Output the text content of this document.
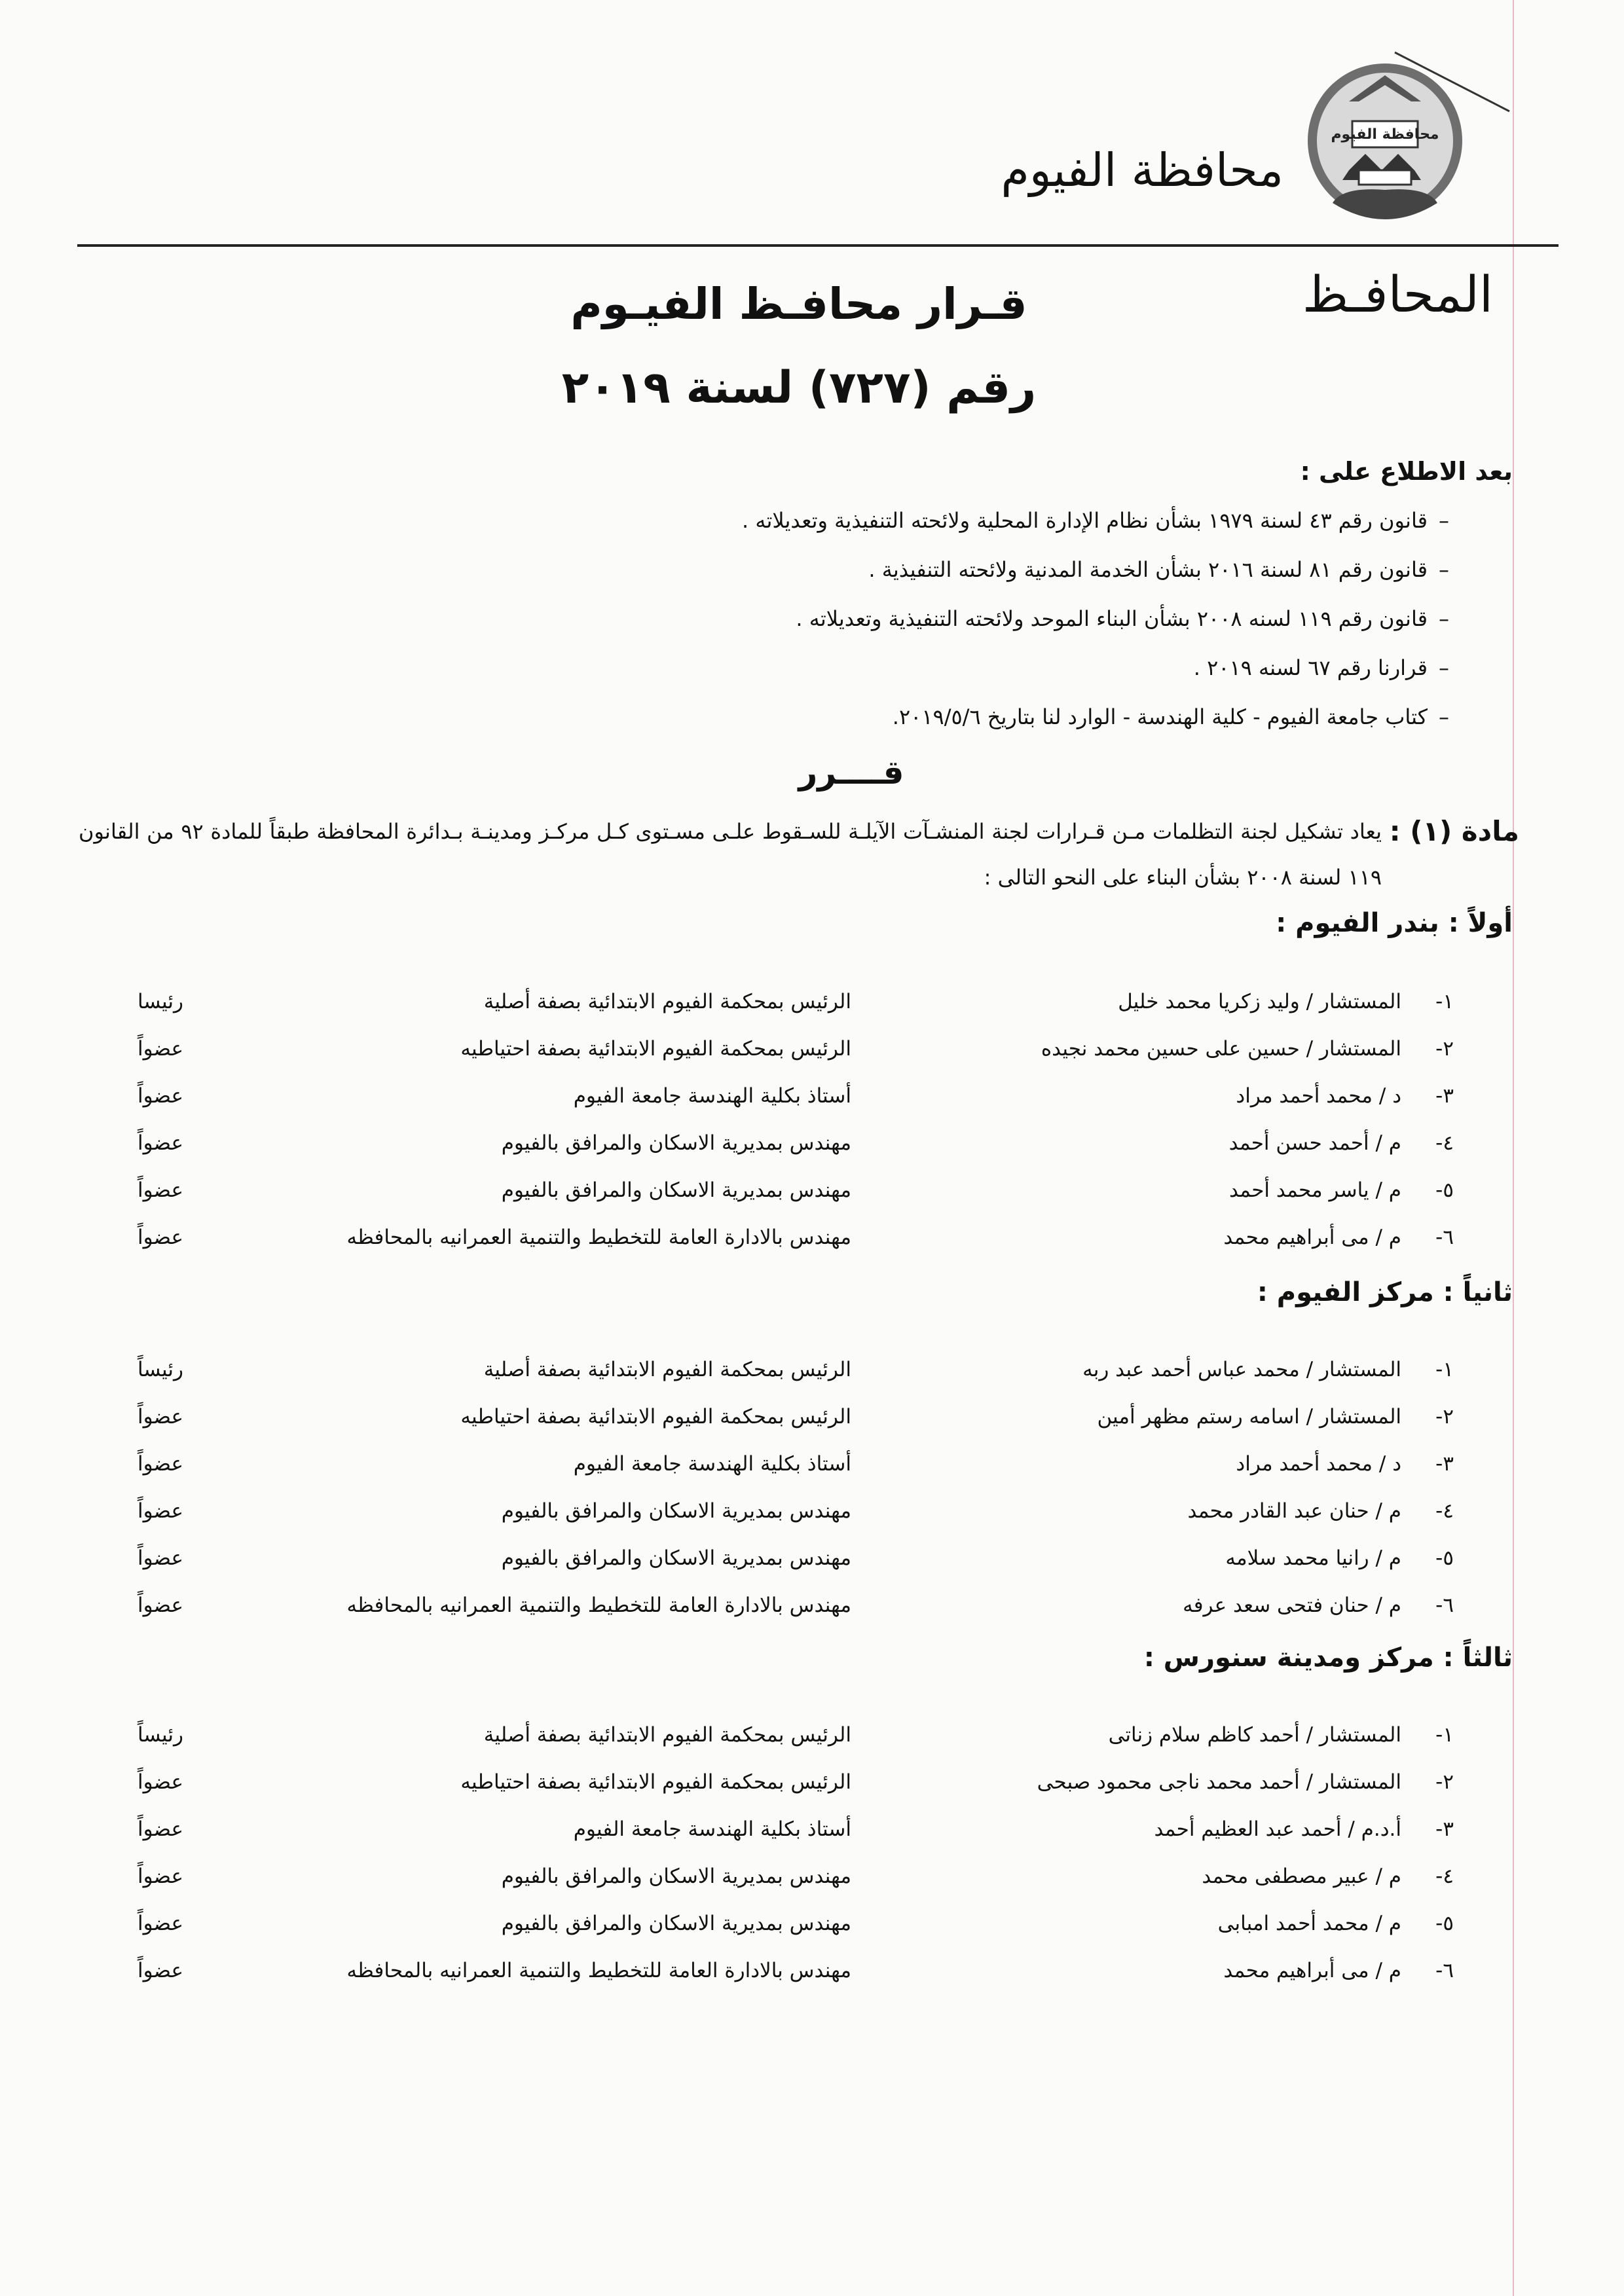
محافظة الفيوم
محافظة الفيوم
المحافـظ
قـرار محافـظ الفيـوم
رقم (٧٢٧) لسنة ٢٠١٩
بعد الاطلاع على :
–قانون رقم ٤٣ لسنة ١٩٧٩ بشأن نظام الإدارة المحلية ولائحته التنفيذية وتعديلاته .
–قانون رقم ٨١ لسنة ٢٠١٦ بشأن الخدمة المدنية ولائحته التنفيذية .
–قانون رقم ١١٩ لسنه ٢٠٠٨ بشأن البناء الموحد ولائحته التنفيذية وتعديلاته .
–قرارنا رقم ٦٧ لسنه ٢٠١٩ .
–كتاب جامعة الفيوم - كلية الهندسة - الوارد لنا بتاريخ ٢٠١٩/٥/٦.
قــــرر
مادة (١) :
يعاد تشكيل لجنة التظلمات مـن قـرارات لجنة المنشـآت الآيلـة للسـقوط علـى مسـتوى كـل مركـز ومدينـة بـدائرة المحافظة طبقاً للمادة ٩٢ من القانون ١١٩ لسنة ٢٠٠٨ بشأن البناء على النحو التالى :
أولاً : بندر الفيوم :
١-
المستشار / وليد زكريا محمد خليل
الرئيس بمحكمة الفيوم الابتدائية بصفة أصلية
رئيسا
٢-
المستشار / حسين على حسين محمد نجيده
الرئيس بمحكمة الفيوم الابتدائية بصفة احتياطيه
عضواً
٣-
د / محمد أحمد مراد
أستاذ بكلية الهندسة جامعة الفيوم
عضواً
٤-
م / أحمد حسن أحمد
مهندس بمديرية الاسكان والمرافق بالفيوم
عضواً
٥-
م / ياسر محمد أحمد
مهندس بمديرية الاسكان والمرافق بالفيوم
عضواً
٦-
م / مى أبراهيم محمد
مهندس بالادارة العامة للتخطيط والتنمية العمرانيه بالمحافظه
عضواً
ثانياً : مركز الفيوم :
١-
المستشار / محمد عباس أحمد عبد ربه
الرئيس بمحكمة الفيوم الابتدائية بصفة أصلية
رئيساً
٢-
المستشار / اسامه رستم مظهر أمين
الرئيس بمحكمة الفيوم الابتدائية بصفة احتياطيه
عضواً
٣-
د / محمد أحمد مراد
أستاذ بكلية الهندسة جامعة الفيوم
عضواً
٤-
م / حنان عبد القادر محمد
مهندس بمديرية الاسكان والمرافق بالفيوم
عضواً
٥-
م / رانيا محمد سلامه
مهندس بمديرية الاسكان والمرافق بالفيوم
عضواً
٦-
م / حنان فتحى سعد عرفه
مهندس بالادارة العامة للتخطيط والتنمية العمرانيه بالمحافظه
عضواً
ثالثاً : مركز ومدينة سنورس :
١-
المستشار / أحمد كاظم سلام زناتى
الرئيس بمحكمة الفيوم الابتدائية بصفة أصلية
رئيساً
٢-
المستشار / أحمد محمد ناجى محمود صبحى
الرئيس بمحكمة الفيوم الابتدائية بصفة احتياطيه
عضواً
٣-
أ.د.م / أحمد عبد العظيم أحمد
أستاذ بكلية الهندسة جامعة الفيوم
عضواً
٤-
م / عبير مصطفى محمد
مهندس بمديرية الاسكان والمرافق بالفيوم
عضواً
٥-
م / محمد أحمد امبابى
مهندس بمديرية الاسكان والمرافق بالفيوم
عضواً
٦-
م / مى أبراهيم محمد
مهندس بالادارة العامة للتخطيط والتنمية العمرانيه بالمحافظه
عضواً
